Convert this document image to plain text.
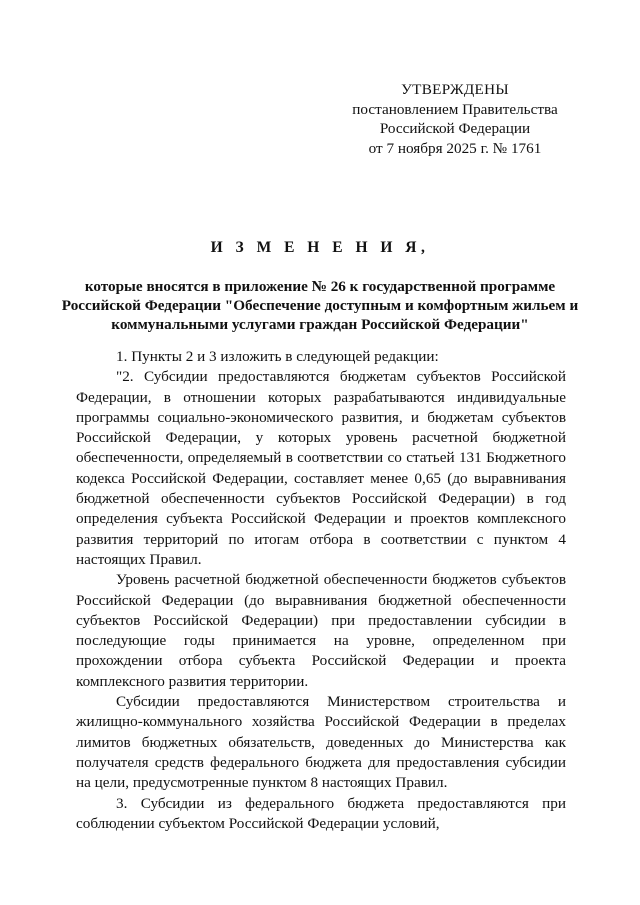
УТВЕРЖДЕНЫ
постановлением Правительства
Российской Федерации
от 7 ноября 2025 г. № 1761
И З М Е Н Е Н И Я,
которые вносятся в приложение № 26 к государственной программе Российской Федерации "Обеспечение доступным и комфортным жильем и коммунальными услугами граждан Российской Федерации"

1. Пункты 2 и 3 изложить в следующей редакции:

"2. Субсидии предоставляются бюджетам субъектов Российской Федерации, в отношении которых разрабатываются индивидуальные программы социально-экономического развития, и бюджетам субъектов Российской Федерации, у которых уровень расчетной бюджетной обеспеченности, определяемый в соответствии со статьей 131 Бюджетного кодекса Российской Федерации, составляет менее 0,65 (до выравнивания бюджетной обеспеченности субъектов Российской Федерации) в год определения субъекта Российской Федерации и проектов комплексного развития территорий по итогам отбора в соответствии с пунктом 4 настоящих Правил.

Уровень расчетной бюджетной обеспеченности бюджетов субъектов Российской Федерации (до выравнивания бюджетной обеспеченности субъектов Российской Федерации) при предоставлении субсидии в последующие годы принимается на уровне, определенном при прохождении отбора субъекта Российской Федерации и проекта комплексного развития территории.

Субсидии предоставляются Министерством строительства и жилищно-коммунального хозяйства Российской Федерации в пределах лимитов бюджетных обязательств, доведенных до Министерства как получателя средств федерального бюджета для предоставления субсидии на цели, предусмотренные пунктом 8 настоящих Правил.

3. Субсидии из федерального бюджета предоставляются при соблюдении субъектом Российской Федерации условий,
